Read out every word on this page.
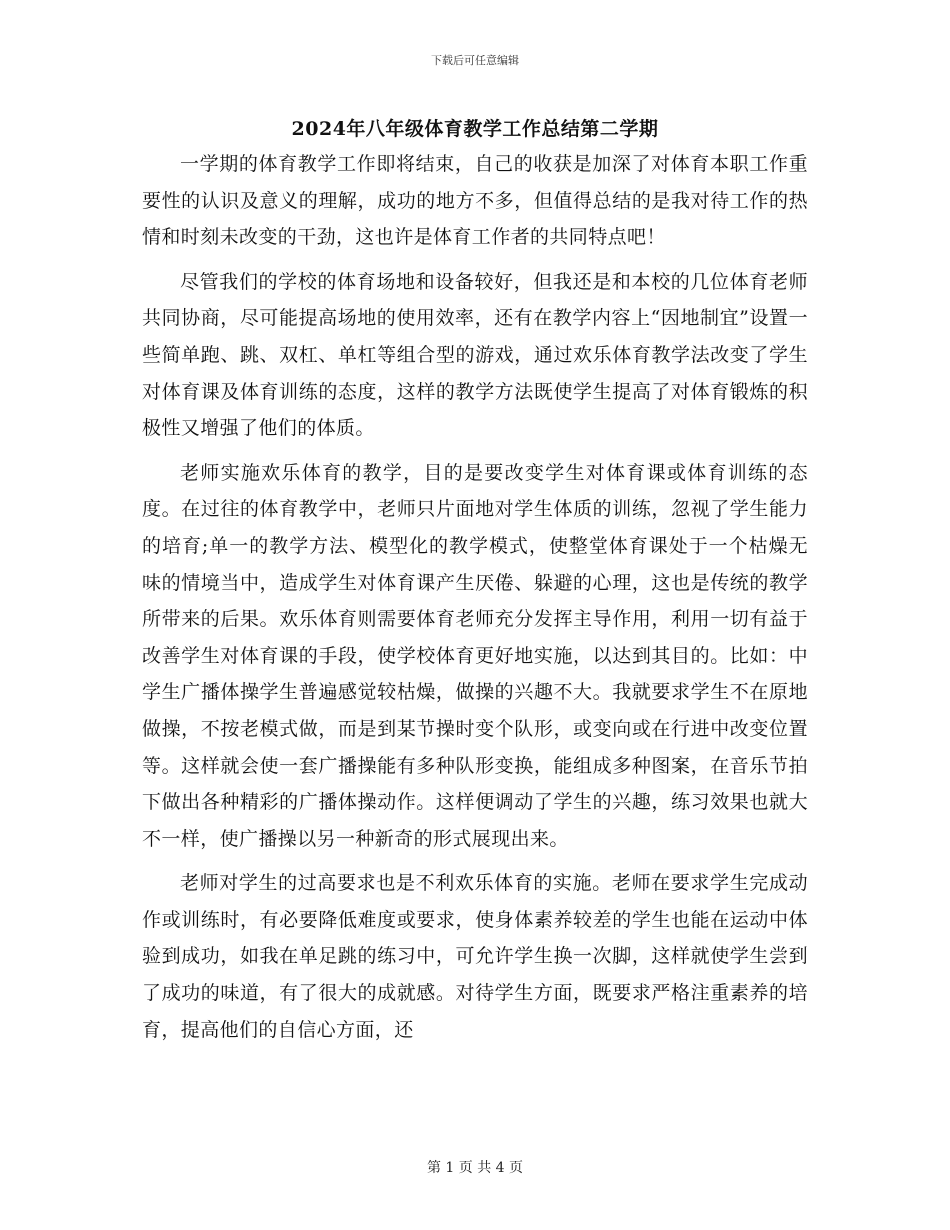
下载后可任意编辑
2024年八年级体育教学工作总结第二学期

一学期的体育教学工作即将结束，自己的收获是加深了对体育本职工作重要性的认识及意义的理解，成功的地方不多，但值得总结的是我对待工作的热情和时刻未改变的干劲，这也许是体育工作者的共同特点吧！

尽管我们的学校的体育场地和设备较好，但我还是和本校的几位体育老师共同协商，尽可能提高场地的使用效率，还有在教学内容上“因地制宜”设置一些简单跑、跳、双杠、单杠等组合型的游戏，通过欢乐体育教学法改变了学生对体育课及体育训练的态度，这样的教学方法既使学生提高了对体育锻炼的积极性又增强了他们的体质。

老师实施欢乐体育的教学，目的是要改变学生对体育课或体育训练的态度。在过往的体育教学中，老师只片面地对学生体质的训练，忽视了学生能力的培育;单一的教学方法、模型化的教学模式，使整堂体育课处于一个枯燥无味的情境当中，造成学生对体育课产生厌倦、躲避的心理，这也是传统的教学所带来的后果。欢乐体育则需要体育老师充分发挥主导作用，利用一切有益于改善学生对体育课的手段，使学校体育更好地实施，以达到其目的。比如：中学生广播体操学生普遍感觉较枯燥，做操的兴趣不大。我就要求学生不在原地做操，不按老模式做，而是到某节操时变个队形，或变向或在行进中改变位置等。这样就会使一套广播操能有多种队形变换，能组成多种图案，在音乐节拍下做出各种精彩的广播体操动作。这样便调动了学生的兴趣，练习效果也就大不一样，使广播操以另一种新奇的形式展现出来。

老师对学生的过高要求也是不利欢乐体育的实施。老师在要求学生完成动作或训练时，有必要降低难度或要求，使身体素养较差的学生也能在运动中体验到成功，如我在单足跳的练习中，可允许学生换一次脚，这样就使学生尝到了成功的味道，有了很大的成就感。对待学生方面，既要求严格注重素养的培育，提高他们的自信心方面，还

第 1 页 共 4 页
